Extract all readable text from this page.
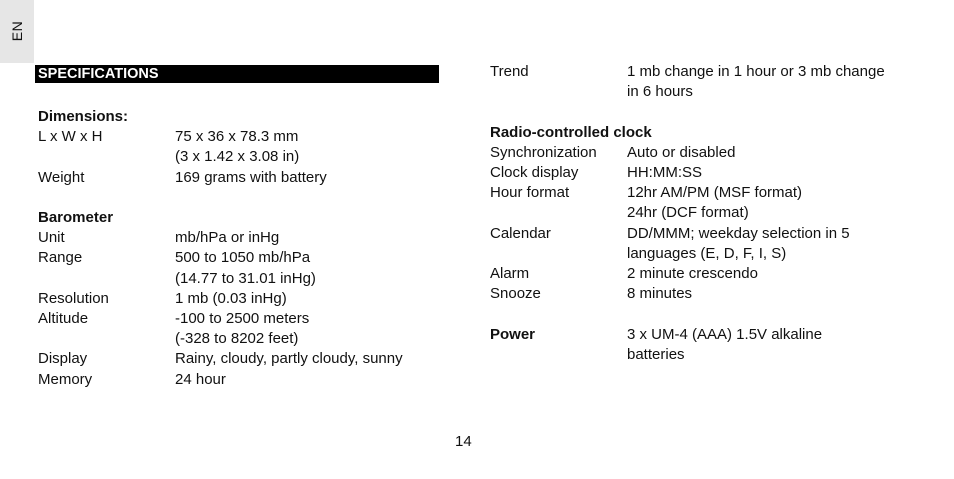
EN
SPECIFICATIONS
Dimensions:
L x W x H	75 x 36 x 78.3 mm
(3 x 1.42 x 3.08 in)
Weight	169 grams with battery
Barometer
Unit	mb/hPa or inHg
Range	500 to 1050 mb/hPa
(14.77 to 31.01 inHg)
Resolution	1 mb (0.03 inHg)
Altitude	-100 to 2500 meters
(-328 to 8202 feet)
Display	Rainy, cloudy, partly cloudy, sunny
Memory	24 hour
Trend	1 mb change in 1 hour or 3 mb change
in 6 hours
Radio-controlled clock
Synchronization	Auto or disabled
Clock display	HH:MM:SS
Hour format	12hr AM/PM (MSF format)
24hr (DCF format)
Calendar	DD/MMM; weekday selection in 5
languages (E, D, F, I, S)
Alarm	2 minute crescendo
Snooze	8 minutes
Power	3 x UM-4 (AAA) 1.5V alkaline
batteries
14
